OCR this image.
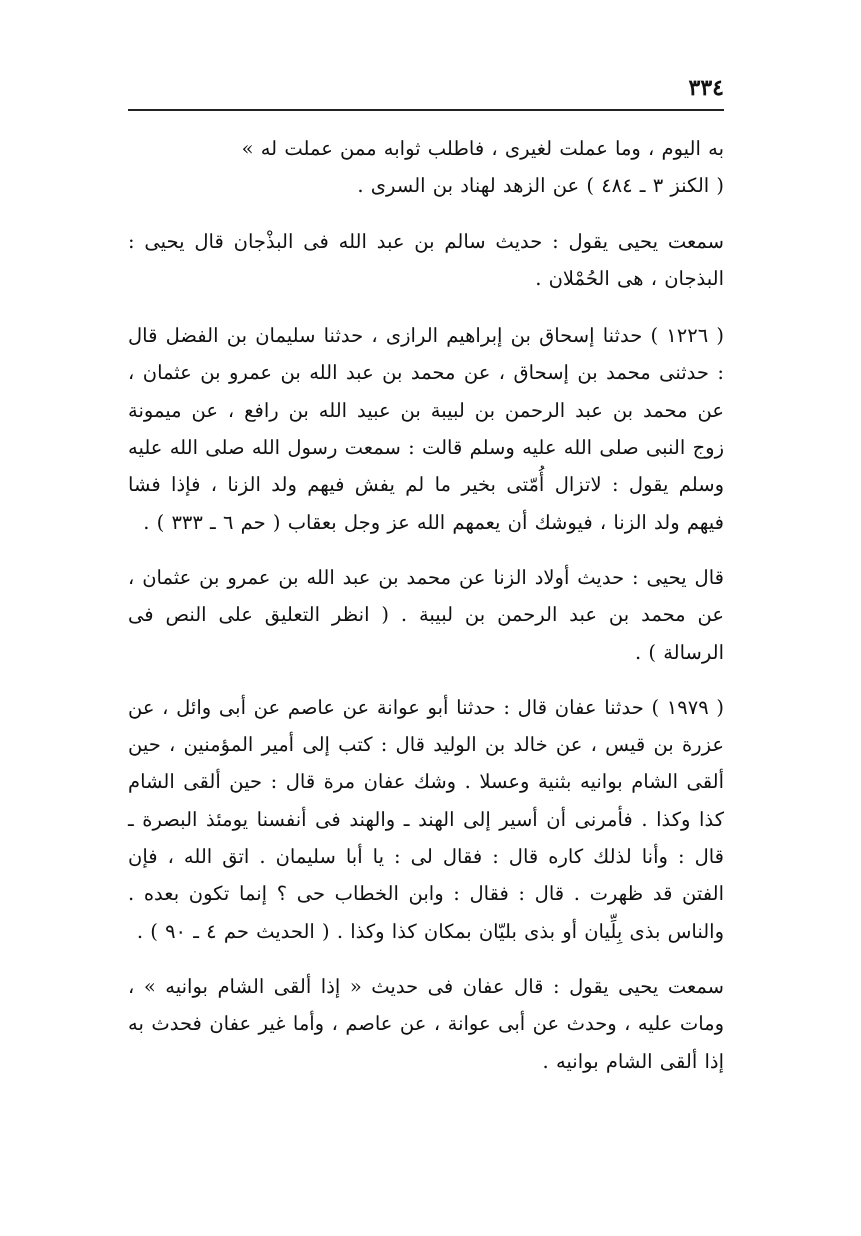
٣٣٤

به اليوم ، وما عملت لغيرى ، فاطلب ثوابه ممن عملت له »

( الكنز ٣ ـ ٤٨٤ ) عن الزهد لهناد بن السرى .

سمعت يحيى يقول : حديث سالم بن عبد الله فى البذْجان قال يحيى : البذجان ، هى الحُمْلان .

( ١٢٢٦ ) حدثنا إسحاق بن إبراهيم الرازى ، حدثنا سليمان بن الفضل قال : حدثنى محمد بن إسحاق ، عن محمد بن عبد الله بن عمرو بن عثمان ، عن محمد بن عبد الرحمن بن لبيبة بن عبيد الله بن رافع ، عن ميمونة زوج النبى صلى الله عليه وسلم قالت : سمعت رسول الله صلى الله عليه وسلم يقول : لاتزال أُمّتى بخير ما لم يفش فيهم ولد الزنا ، فإذا فشا فيهم ولد الزنا ، فيوشك أن يعمهم الله عز وجل بعقاب ( حم ٦ ـ ٣٣٣ ) .

قال يحيى : حديث أولاد الزنا عن محمد بن عبد الله بن عمرو بن عثمان ، عن محمد بن عبد الرحمن بن لبيبة . ( انظر التعليق على النص فى الرسالة ) .

( ١٩٧٩ ) حدثنا عفان قال : حدثنا أبو عوانة عن عاصم عن أبى وائل ، عن عزرة بن قيس ، عن خالد بن الوليد قال : كتب إلى أمير المؤمنين ، حين ألقى الشام بوانيه بثنية وعسلا . وشك عفان مرة قال : حين ألقى الشام كذا وكذا . فأمرنى أن أسير إلى الهند ـ والهند فى أنفسنا يومئذ البصرة ـ قال : وأنا لذلك كاره قال : فقال لى : يا أبا سليمان . اتق الله ، فإن الفتن قد ظهرت . قال : فقال : وابن الخطاب حى ؟ إنما تكون بعده . والناس بذى بِلِّيان أو بذى بليّان بمكان كذا وكذا . ( الحديث حم ٤ ـ ٩٠ ) .

سمعت يحيى يقول : قال عفان فى حديث « إذا ألقى الشام بوانيه » ، ومات عليه ، وحدث عن أبى عوانة ، عن عاصم ، وأما غير عفان فحدث به إذا ألقى الشام بوانيه .
